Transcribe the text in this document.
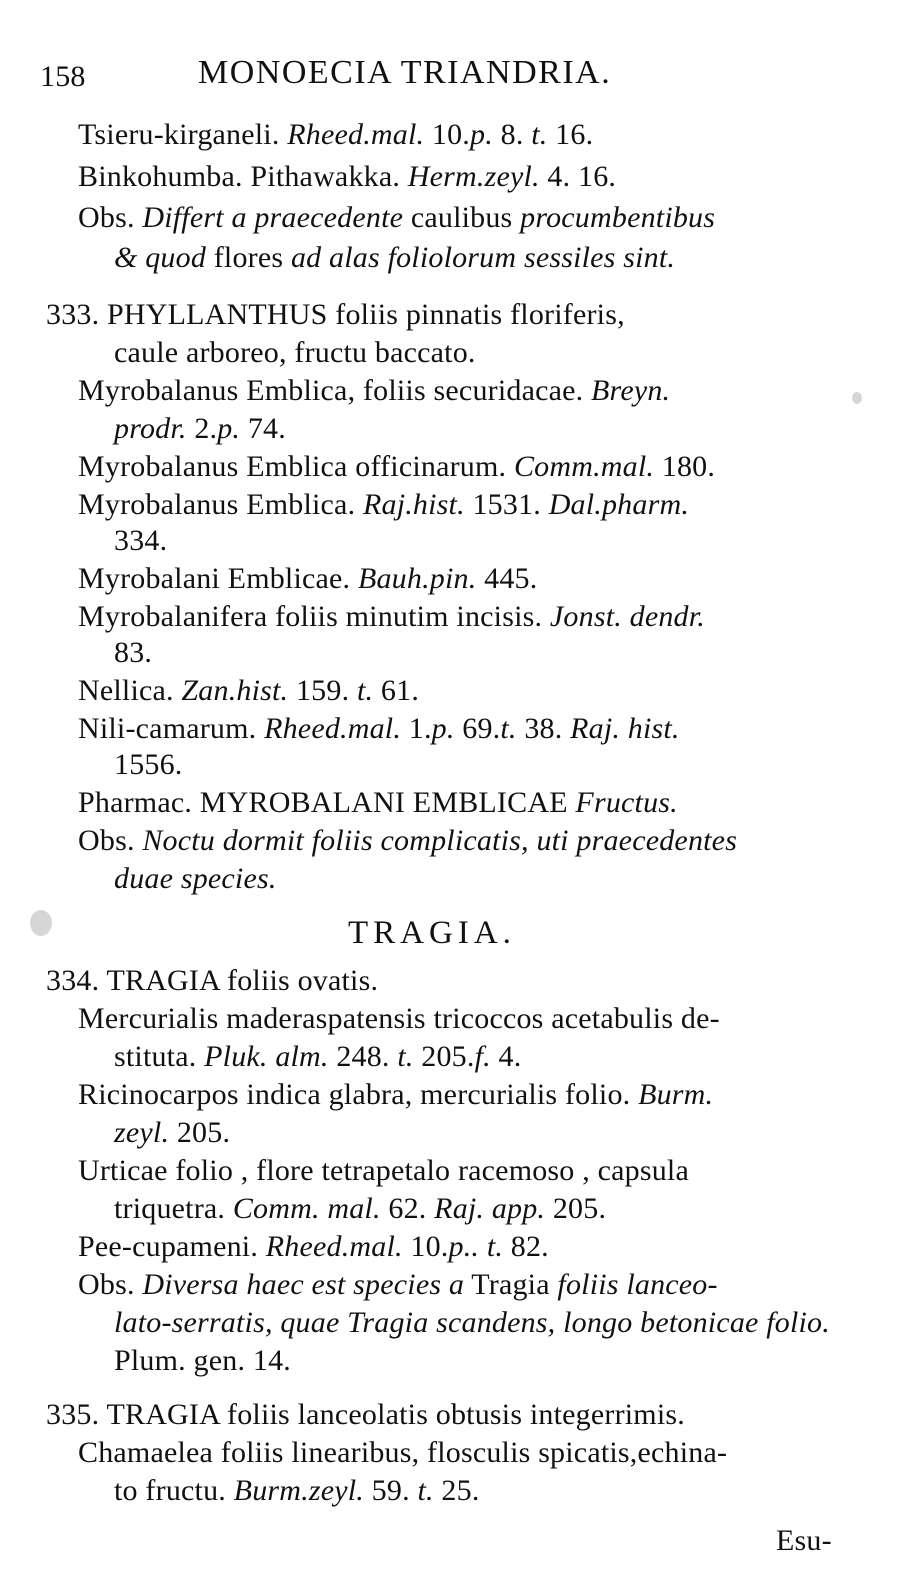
158	MONOECIA TRIANDRIA.
Tsieru-kirganeli. Rheed.mal. 10.p. 8. t. 16.
Binkohumba. Pithawakka. Herm.zeyl. 4. 16.
Obs. Differt a praecedente caulibus procumbentibus
& quod flores ad alas foliolorum sessiles sint.
333. PHYLLANTHUS foliis pinnatis floriferis,
caule arboreo, fructu baccato.
Myrobalanus Emblica, foliis securidacae. Breyn.
prodr. 2.p. 74.
Myrobalanus Emblica officinarum. Comm.mal. 180.
Myrobalanus Emblica. Raj.hist. 1531. Dal.pharm.
334.
Myrobalani Emblicae. Bauh.pin. 445.
Myrobalanifera foliis minutim incisis. Jonst. dendr.
83.
Nellica. Zan.hist. 159. t. 61.
Nili-camarum. Rheed.mal. 1.p. 69.t. 38. Raj. hist.
1556.
Pharmac. MYROBALANI EMBLICAE Fructus.
Obs. Noctu dormit foliis complicatis, uti praecedentes
duae species.
TRAGIA.
334. TRAGIA foliis ovatis.
Mercurialis maderaspatensis tricoccos acetabulis de-
stituta. Pluk. alm. 248. t. 205.f. 4.
Ricinocarpos indica glabra, mercurialis folio. Burm.
zeyl. 205.
Urticae folio , flore tetrapetalo racemoso , capsula
triquetra. Comm. mal. 62. Raj. app. 205.
Pee-cupameni. Rheed.mal. 10.p.. t. 82.
Obs. Diversa haec est species a Tragia foliis lanceo-
lato-serratis, quae Tragia scandens, longo betonicae folio.
Plum. gen. 14.
335. TRAGIA foliis lanceolatis obtusis integerrimis.
Chamaelea foliis linearibus, flosculis spicatis,echina-
to fructu. Burm.zeyl. 59. t. 25.
Esu-
